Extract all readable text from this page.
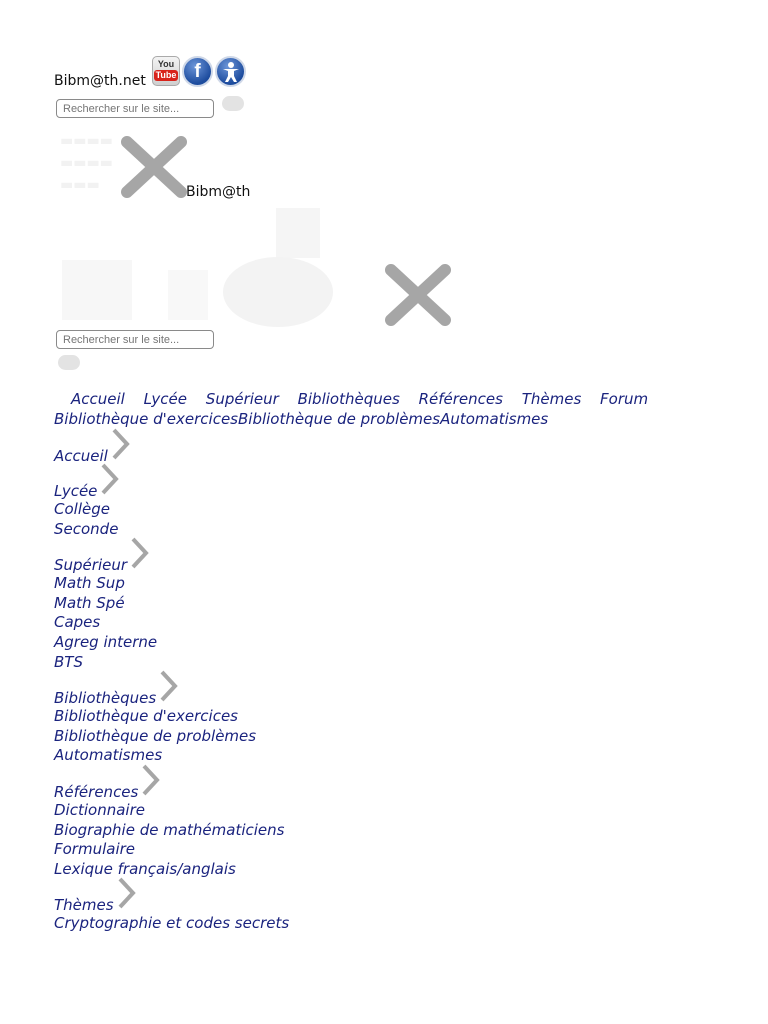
Bibm@th.net
You
Tube f
Rechercher sur le site...
▬▬▬▬
▬▬▬▬
▬▬▬	Bibm@th
Rechercher sur le site...
Accueil Lycée Supérieur Bibliothèques Références Thèmes Forum
Bibliothèque d'exercicesBibliothèque de problèmesAutomatismes
Accueil
Lycée
Collège
Seconde
Supérieur
Math Sup
Math Spé
Capes
Agreg interne
BTS
Bibliothèques
Bibliothèque d'exercices
Bibliothèque de problèmes
Automatismes
Références
Dictionnaire
Biographie de mathématiciens
Formulaire
Lexique français/anglais
Thèmes
Cryptographie et codes secrets
